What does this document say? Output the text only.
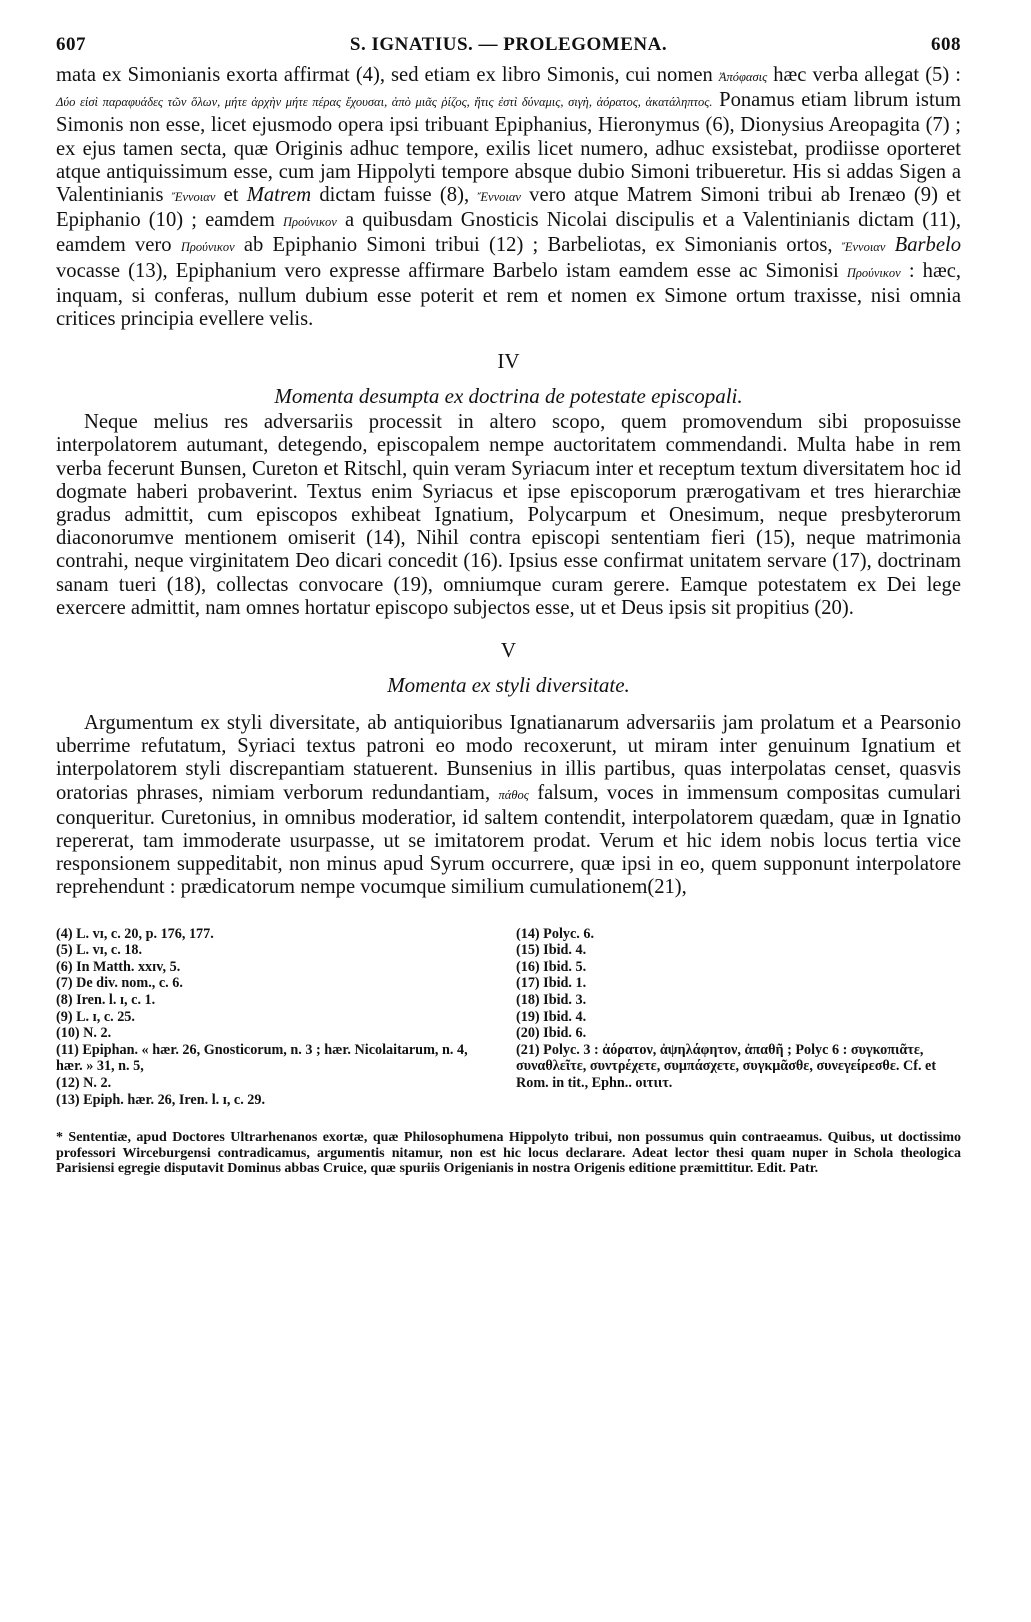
607	S. IGNATIUS. — PROLEGOMENA.	608

mata ex Simonianis exorta affirmat (4), sed etiam ex libro Simonis, cui nomen Ἀπόφασις hæc verba allegat (5) : Δύο εἰσὶ παραφυάδες τῶν ὅλων, μήτε ἀρχὴν μήτε πέρας ἔχουσαι, ἀπὸ μιᾶς ῥίζος, ἥτις ἐστὶ δύναμις, σιγὴ, ἀόρατος, ἀκατάληπτος. Ponamus etiam librum istum Simonis non esse, licet ejusmodo opera ipsi tribuant Epiphanius, Hieronymus (6), Dionysius Areopagita (7) ; ex ejus tamen secta, quæ Originis adhuc tempore, exilis licet numero, adhuc exsistebat, prodiisse oporteret atque antiquissimum esse, cum jam Hippolyti tempore absque dubio Simoni tribueretur. His si addas Sigen a Valentinianis Ἔννοιαν et Matrem dictam fuisse (8), Ἔννοιαν vero atque Matrem Simoni tribui ab Irenæo (9) et Epiphanio (10) ; eamdem Προύνικον a quibusdam Gnosticis Nicolai discipulis et a Valentinianis dictam (11), eamdem vero Προύνικον ab Epiphanio Simoni tribui (12) ; Barbeliotas, ex Simonianis ortos, Ἔννοιαν Barbelo vocasse (13), Epiphanium vero expresse affirmare Barbelo istam eamdem esse ac Simonisi Προύνικον : hæc, inquam, si conferas, nullum dubium esse poterit et rem et nomen ex Simone ortum traxisse, nisi omnia critices principia evellere velis.

IV
Momenta desumpta ex doctrina de potestate episcopali.

Neque melius res adversariis processit in altero scopo, quem promovendum sibi proposuisse interpolatorem autumant, detegendo, episcopalem nempe auctoritatem commendandi. Multa habe in rem verba fecerunt Bunsen, Cureton et Ritschl, quin veram Syriacum inter et receptum textum diversitatem hoc id dogmate haberi probaverint. Textus enim Syriacus et ipse episcoporum prærogativam et tres hierarchiæ gradus admittit, cum episcopos exhibeat Ignatium, Polycarpum et Onesimum, neque presbyterorum diaconorumve mentionem omiserit (14), Nihil contra episcopi sententiam fieri (15), neque matrimonia contrahi, neque virginitatem Deo dicari concedit (16). Ipsius esse confirmat unitatem servare (17), doctrinam sanam tueri (18), collectas convocare (19), omniumque curam gerere. Eamque potestatem ex Dei lege exercere admittit, nam omnes hortatur episcopo subjectos esse, ut et Deus ipsis sit propitius (20).

V
Momenta ex styli diversitate.

Argumentum ex styli diversitate, ab antiquioribus Ignatianarum adversariis jam prolatum et a Pearsonio uberrime refutatum, Syriaci textus patroni eo modo recoxerunt, ut miram inter genuinum Ignatium et interpolatorem styli discrepantiam statuerent. Bunsenius in illis partibus, quas interpolatas censet, quasvis oratorias phrases, nimiam verborum redundantiam, πάθος falsum, voces in immensum compositas cumulari conqueritur. Curetonius, in omnibus moderatior, id saltem contendit, interpolatorem quædam, quæ in Ignatio repererat, tam immoderate usurpasse, ut se imitatorem prodat. Verum et hic idem nobis locus tertia vice responsionem suppeditabit, non minus apud Syrum occurrere, quæ ipsi in eo, quem supponunt interpolatore reprehendunt : prædicatorum nempe vocumque similium cumulationem(21),

(4) L. ᴠɪ, c. 20, p. 176, 177.
(5) L. ᴠɪ, c. 18.
(6) In Matth. xxɪv, 5.
(7) De div. nom., c. 6.
(8) Iren. l. ɪ, c. 1.
(9) L. ɪ, c. 25.
(10) N. 2.
(11) Epiphan. « hær. 26, Gnosticorum, n. 3 ; hær. Nicolaitarum, n. 4, hær. » 31, n. 5,
(12) N. 2.
(13) Epiph. hær. 26, Iren. l. ɪ, c. 29.
(14) Polyc. 6.
(15) Ibid. 4.
(16) Ibid. 5.
(17) Ibid. 1.
(18) Ibid. 3.
(19) Ibid. 4.
(20) Ibid. 6.
(21) Polyc. 3 : ἀόρατον, ἀψηλάφητον, ἀπαθῆ ; Polyc 6 : συγκοπιᾶτε, συναθλεῖτε, συντρέχετε, συμπάσχετε, συγκμᾶσθε, συνεγείρεσθε. Cf. et Rom. in tit., Ephn.. οιτιιτ.

* Sententiæ, apud Doctores Ultrarhenanos exortæ, quæ Philosophumena Hippolyto tribui, non possumus quin contraeamus. Quibus, ut doctissimo professori Wirceburgensi contradicamus, argumentis nitamur, non est hic locus declarare. Adeat lector thesi quam nuper in Schola theologica Parisiensi egregie disputavit Dominus abbas Cruice, quæ spuriis Origenianis in nostra Origenis editione præmittitur. Edit. Patr.
